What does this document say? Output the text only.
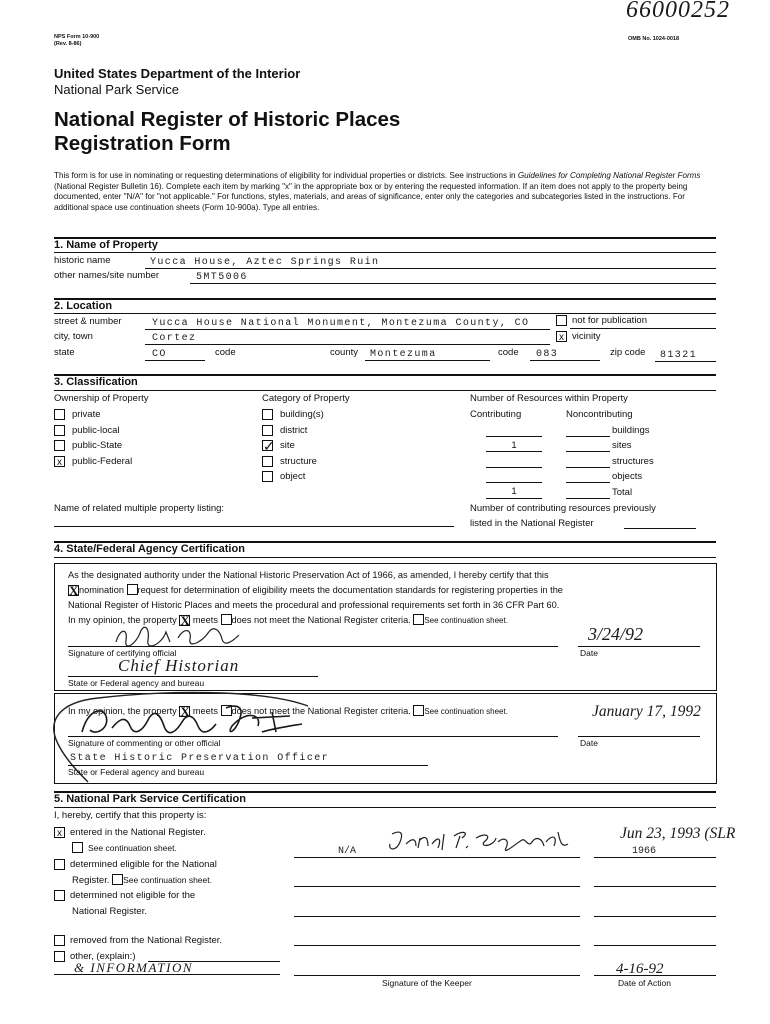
66000252
NPS Form 10-900
(Rev. 8-86)
OMB No. 1024-0018
United States Department of the Interior
National Park Service
National Register of Historic Places
Registration Form
This form is for use in nominating or requesting determinations of eligibility for individual properties or districts. See instructions in Guidelines for Completing National Register Forms (National Register Bulletin 16). Complete each item by marking "x" in the appropriate box or by entering the requested information. If an item does not apply to the property being documented, enter "N/A" for "not applicable." For functions, styles, materials, and areas of significance, enter only the categories and subcategories listed in the instructions. For additional space use continuation sheets (Form 10-900a). Type all entries.
1. Name of Property
historic name	Yucca House, Aztec Springs Ruin
other names/site number	5MT5006
2. Location
street & number	Yucca House National Monument, Montezuma County, CO	not for publication
city, town	Cortez	x vicinity
state	CO	code	county Montezuma	code 083	zip code 81321
3. Classification
Ownership of Property
private
public-local
public-State
x	public-Federal
Category of Property
building(s)
district
✓ site
structure
object
Number of Resources within Property
Contributing	Noncontributing
buildings
1	sites
structures
objects
1	Total
Name of related multiple property listing:	Number of contributing resources previously
listed in the National Register
4. State/Federal Agency Certification
As the designated authority under the National Historic Preservation Act of 1966, as amended, I hereby certify that this
Xnomination request for determination of eligibility meets the documentation standards for registering properties in the
National Register of Historic Places and meets the procedural and professional requirements set forth in 36 CFR Part 60.
In my opinion, the property X meets does not meet the National Register criteria. See continuation sheet.
3/24/92
Signature of certifying official	Date
Chief Historian
State or Federal agency and bureau
In my opinion, the property X meets does not meet the National Register criteria. See continuation sheet.	January 17, 1992
Signature of commenting or other official	Date
State Historic Preservation Officer
State or Federal agency and bureau
5. National Park Service Certification
I, hereby, certify that this property is:
x entered in the National Register.
See continuation sheet.	N/A
Jun 23, 1993 (SLR
1966
determined eligible for the National
Register. See continuation sheet.
determined not eligible for the
National Register.
removed from the National Register.
other, (explain:)
& INFORMATION	4-16-92
Signature of the Keeper	Date of Action
